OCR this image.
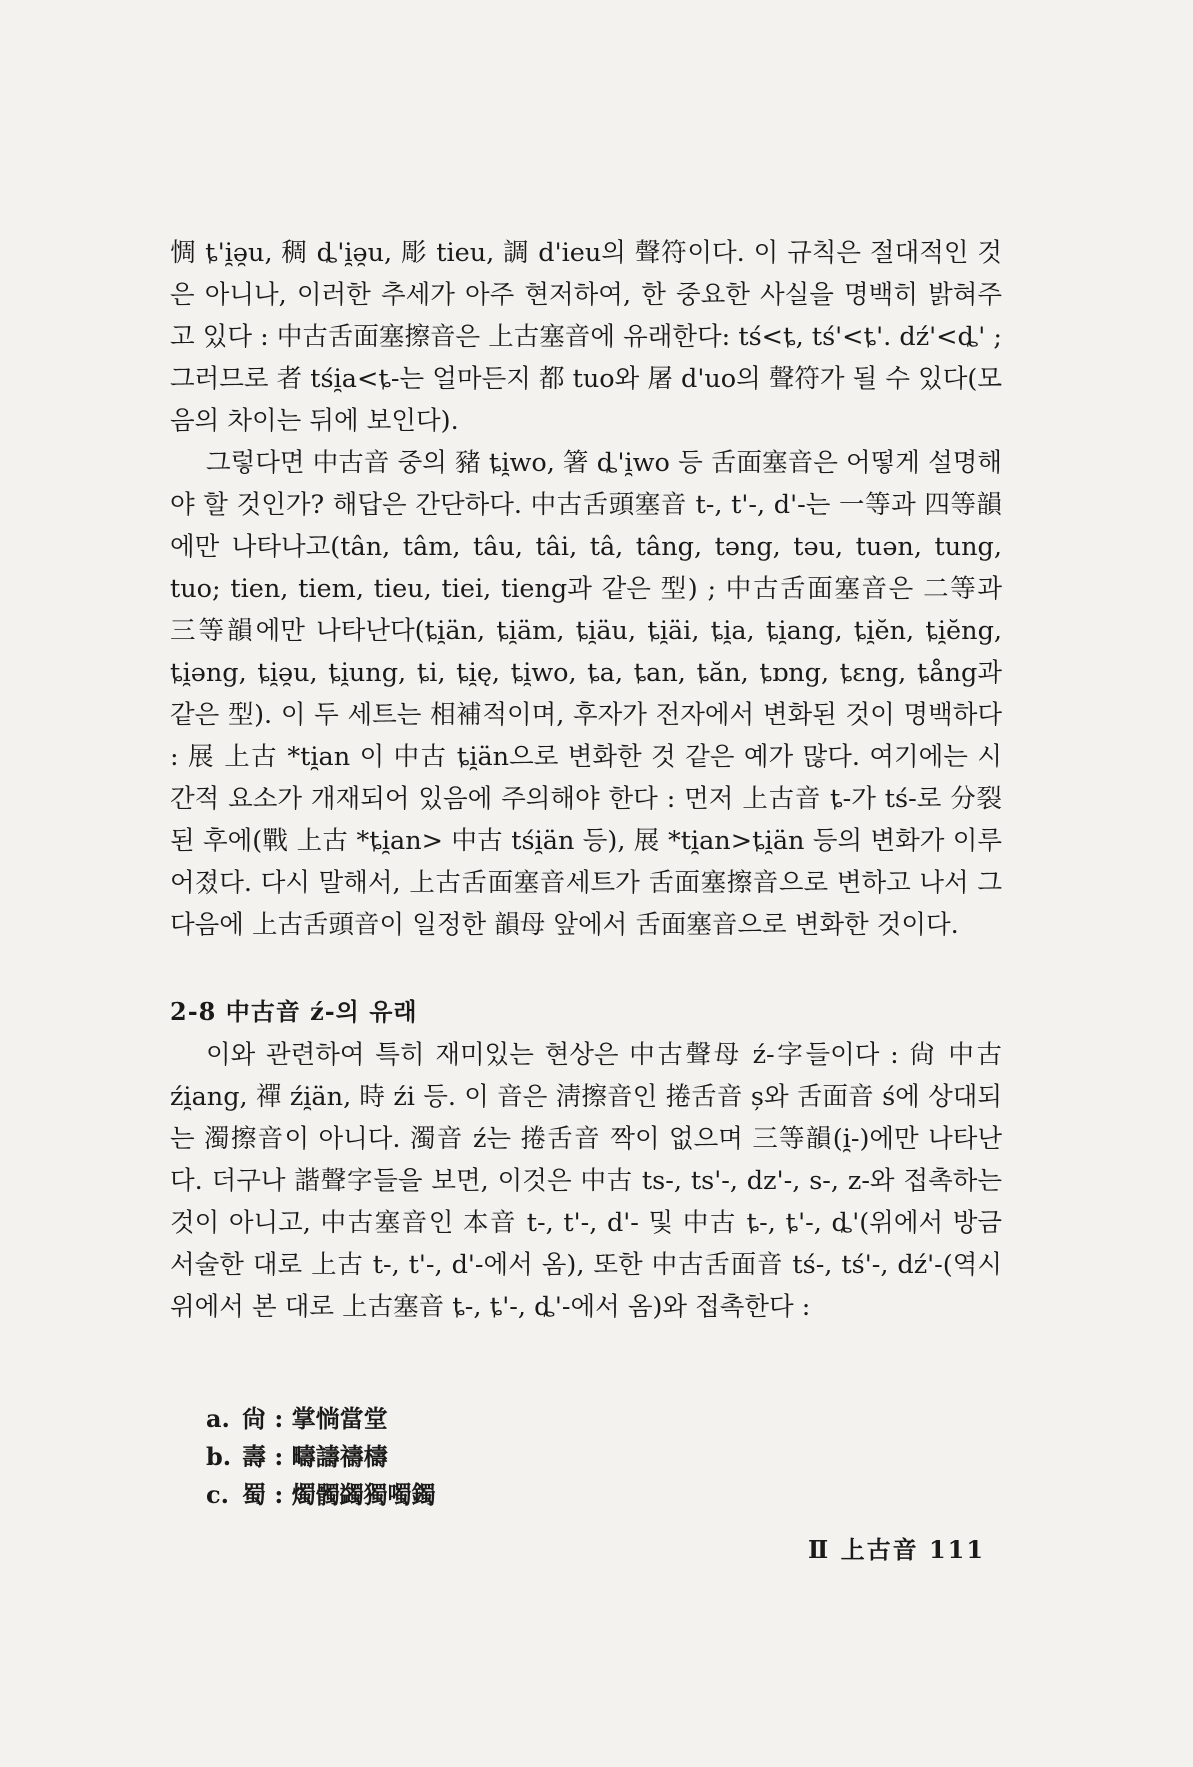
惆 ȶ'i̯ə̯u, 稠 ȡ'i̯ə̯u, 彫 tieu, 調 d'ieu의 聲符이다. 이 규칙은 절대적인 것은 아니나, 이러한 추세가 아주 현저하여, 한 중요한 사실을 명백히 밝혀주고 있다 : 中古舌面塞擦音은 上古塞音에 유래한다: tś<ȶ, tś'<ȶ'. dź'<ȡ' ; 그러므로 者 tśi̯a<ȶ-는 얼마든지 都 tuo와 屠 d'uo의 聲符가 될 수 있다(모음의 차이는 뒤에 보인다).

그렇다면 中古音 중의 豬 ȶi̯wo, 箸 ȡ'i̯wo 등 舌面塞音은 어떻게 설명해야 할 것인가? 해답은 간단하다. 中古舌頭塞音 t-, t'-, d'-는 一等과 四等韻에만 나타나고(tân, tâm, tâu, tâi, tâ, tâng, tәng, tәu, tuәn, tung, tuo; tien, tiem, tieu, tiei, tieng과 같은 型) ; 中古舌面塞音은 二等과 三等韻에만 나타난다(ȶi̯än, ȶi̯äm, ȶi̯äu, ȶi̯äi, ȶi̯a, ȶi̯ang, ȶi̯ĕn, ȶi̯ĕng, ȶi̯әng, ȶi̯ә̯u, ȶi̯ung, ȶi, ȶi̯ę, ȶi̯wo, ȶa, ȶan, ȶăn, ȶɒng, ȶɛng, ȶång과 같은 型). 이 두 세트는 相補적이며, 후자가 전자에서 변화된 것이 명백하다 : 展 上古 *ti̯an 이 中古 ȶi̯än으로 변화한 것 같은 예가 많다. 여기에는 시간적 요소가 개재되어 있음에 주의해야 한다 : 먼저 上古音 ȶ-가 tś-로 分裂된 후에(戰 上古 *ȶi̯an> 中古 tśi̯än 등), 展 *ti̯an>ȶi̯än 등의 변화가 이루어졌다. 다시 말해서, 上古舌面塞音세트가 舌面塞擦音으로 변하고 나서 그 다음에 上古舌頭音이 일정한 韻母 앞에서 舌面塞音으로 변화한 것이다.

2-8 中古音 ź-의 유래

이와 관련하여 특히 재미있는 현상은 中古聲母 ź-字들이다 : 尙 中古 źi̯ang, 禪 źi̯än, 時 źi 등. 이 音은 淸擦音인 捲舌音 ș와 舌面音 ś에 상대되는 濁擦音이 아니다. 濁音 ź는 捲舌音 짝이 없으며 三等韻(i̯-)에만 나타난다. 더구나 諧聲字들을 보면, 이것은 中古 ts-, ts'-, dz'-, s-, z-와 접촉하는 것이 아니고, 中古塞音인 本音 t-, t'-, d'- 및 中古 ȶ-, ȶ'-, ȡ'(위에서 방금 서술한 대로 上古 t-, t'-, d'-에서 옴), 또한 中古舌面音 tś-, tś'-, dź'-(역시 위에서 본 대로 上古塞音 ȶ-, ȶ'-, ȡ'-에서 옴)와 접촉한다 :

a. 尙 : 掌惝當堂
b. 壽 : 疇譸禱檮
c. 蜀 : 燭髑蠲獨噣鐲
Ⅱ 上古音 111
